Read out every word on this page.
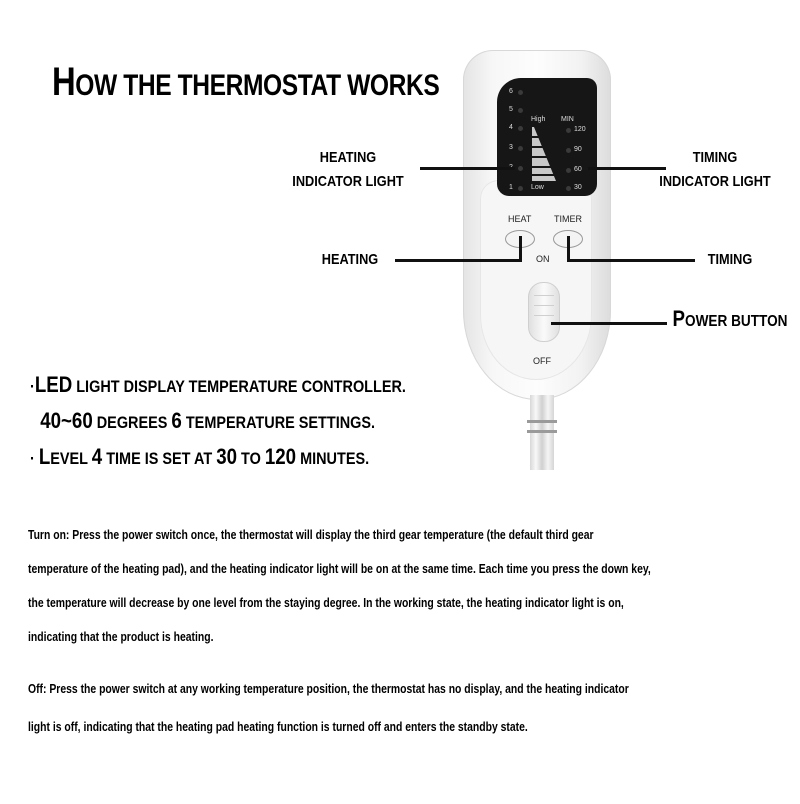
HOW THE THERMOSTAT WORKS	6
5
4
3
1
High
Low
MIN
120
90
60
30
HEAT	TIMER
ON
OFF
HEATING
INDICATOR LIGHT
TIMING
INDICATOR LIGHT
HEATING	TIMING
POWER BUTTON
·LED LIGHT DISPLAY TEMPERATURE CONTROLLER.
40~60 DEGREES 6 TEMPERATURE SETTINGS.
· LEVEL 4 TIME IS SET AT 30 TO 120 MINUTES.
Turn on: Press the power switch once, the thermostat will display the third gear temperature (the default third gear
temperature of the heating pad), and the heating indicator light will be on at the same time. Each time you press the down key,
the temperature will decrease by one level from the staying degree. In the working state, the heating indicator light is on,
indicating that the product is heating.
Off: Press the power switch at any working temperature position, the thermostat has no display, and the heating indicator
light is off, indicating that the heating pad heating function is turned off and enters the standby state.
